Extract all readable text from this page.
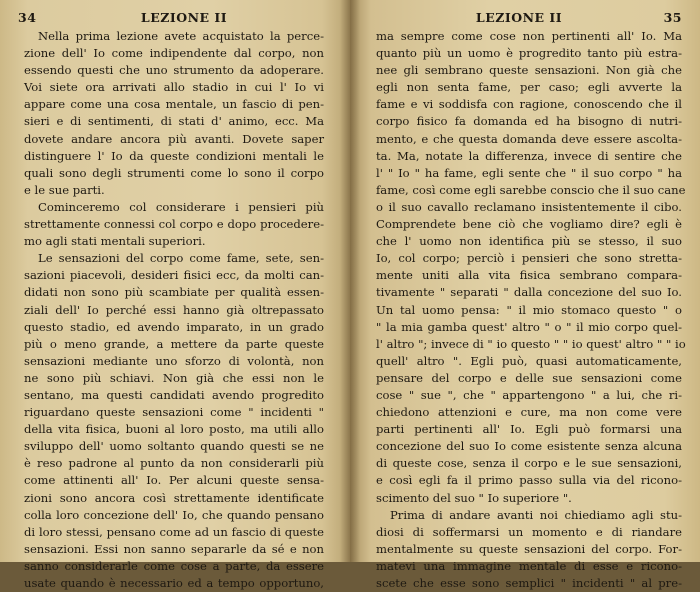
34	LEZIONE II
Nella prima lezione avete acquistato la perce-
zione dell' Io come indipendente dal corpo, non
essendo questi che uno strumento da adoperare.
Voi siete ora arrivati allo stadio in cui l' Io vi
appare come una cosa mentale, un fascio di pen-
sieri e di sentimenti, di stati d' animo, ecc. Ma
dovete andare ancora più avanti. Dovete saper
distinguere l' Io da queste condizioni mentali le
quali sono degli strumenti come lo sono il corpo
e le sue parti.
Cominceremo col considerare i pensieri più
strettamente connessi col corpo e dopo procedere-
mo agli stati mentali superiori.
Le sensazioni del corpo come fame, sete, sen-
sazioni piacevoli, desideri fisici ecc, da molti can-
didati non sono più scambiate per qualità essen-
ziali dell' Io perché essi hanno già oltrepassato
questo stadio, ed avendo imparato, in un grado
più o meno grande, a mettere da parte queste
sensazioni mediante uno sforzo di volontà, non
ne sono più schiavi. Non già che essi non le
sentano, ma questi candidati avendo progredito
riguardano queste sensazioni come " incidenti "
della vita fisica, buoni al loro posto, ma utili allo
sviluppo dell' uomo soltanto quando questi se ne
è reso padrone al punto da non considerarli più
come attinenti all' Io. Per alcuni queste sensa-
zioni sono ancora così strettamente identificate
colla loro concezione dell' Io, che quando pensano
di loro stessi, pensano come ad un fascio di queste
sensazioni. Essi non sanno separarle da sé e non
sanno considerarle come cose a parte, da essere
usate quando è necessario ed a tempo opportuno,
LEZIONE II	35
ma sempre come cose non pertinenti all' Io. Ma
quanto più un uomo è progredito tanto più estra-
nee gli sembrano queste sensazioni. Non già che
egli non senta fame, per caso; egli avverte la
fame e vi soddisfa con ragione, conoscendo che il
corpo fisico fa domanda ed ha bisogno di nutri-
mento, e che questa domanda deve essere ascolta-
ta. Ma, notate la differenza, invece di sentire che
l' " Io " ha fame, egli sente che " il suo corpo " ha
fame, così come egli sarebbe conscio che il suo cane
o il suo cavallo reclamano insistentemente il cibo.
Comprendete bene ciò che vogliamo dire? egli è
che l' uomo non identifica più se stesso, il suo
Io, col corpo; perciò i pensieri che sono stretta-
mente uniti alla vita fisica sembrano compara-
tivamente " separati " dalla concezione del suo Io.
Un tal uomo pensa: " il mio stomaco questo " o
" la mia gamba quest' altro " o " il mio corpo quel-
l' altro "; invece di " io questo " " io quest' altro " " io
quell' altro ". Egli può, quasi automaticamente,
pensare del corpo e delle sue sensazioni come
cose " sue ", che " appartengono " a lui, che ri-
chiedono attenzioni e cure, ma non come vere
parti pertinenti all' Io. Egli può formarsi una
concezione del suo Io come esistente senza alcuna
di queste cose, senza il corpo e le sue sensazioni,
e così egli fa il primo passo sulla via del ricono-
scimento del suo " Io superiore ".
Prima di andare avanti noi chiediamo agli stu-
diosi di soffermarsi un momento e di riandare
mentalmente su queste sensazioni del corpo. For-
matevi una immagine mentale di esse e ricono-
scete che esse sono semplici " incidenti " al pre-
